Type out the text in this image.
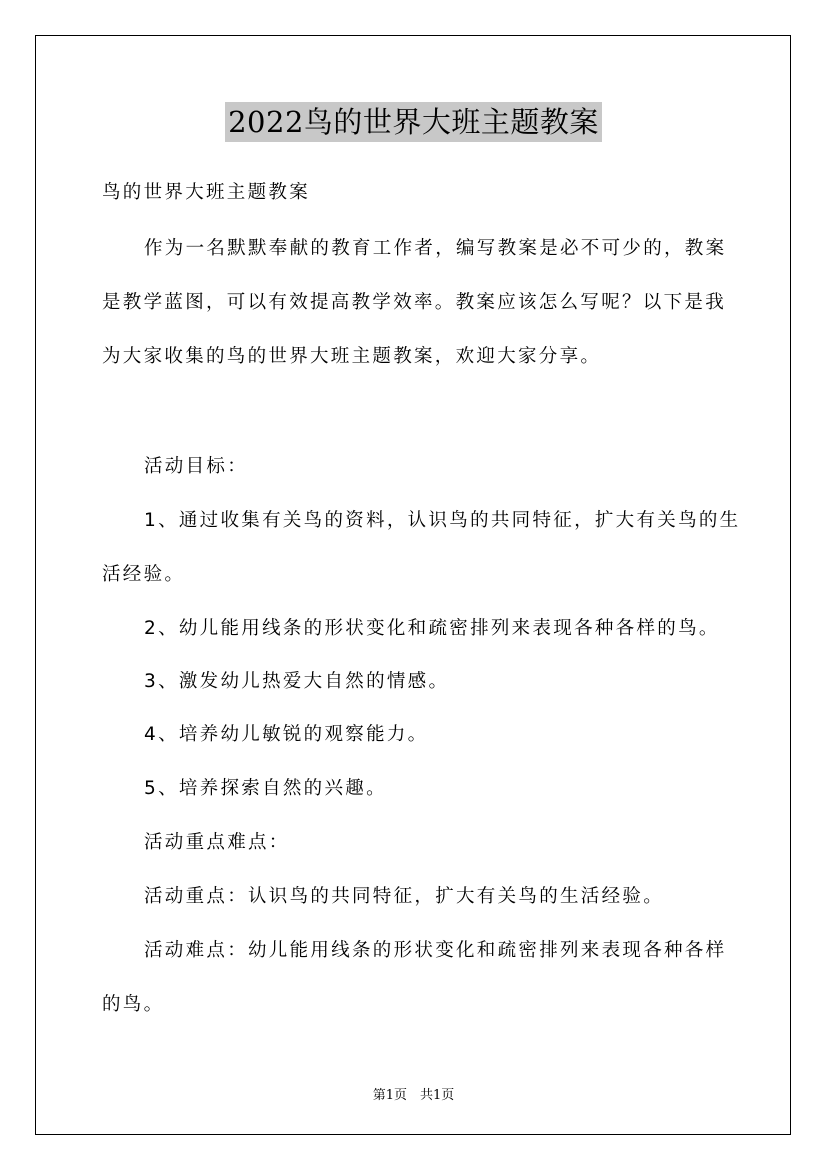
2022鸟的世界大班主题教案
鸟的世界大班主题教案
作为一名默默奉献的教育工作者，编写教案是必不可少的，教案
是教学蓝图，可以有效提高教学效率。教案应该怎么写呢？以下是我
为大家收集的鸟的世界大班主题教案，欢迎大家分享。
活动目标：
1、通过收集有关鸟的资料，认识鸟的共同特征，扩大有关鸟的生
活经验。
2、幼儿能用线条的形状变化和疏密排列来表现各种各样的鸟。
3、激发幼儿热爱大自然的情感。
4、培养幼儿敏锐的观察能力。
5、培养探索自然的兴趣。
活动重点难点：
活动重点：认识鸟的共同特征，扩大有关鸟的生活经验。
活动难点：幼儿能用线条的形状变化和疏密排列来表现各种各样
的鸟。
第1页　共1页
